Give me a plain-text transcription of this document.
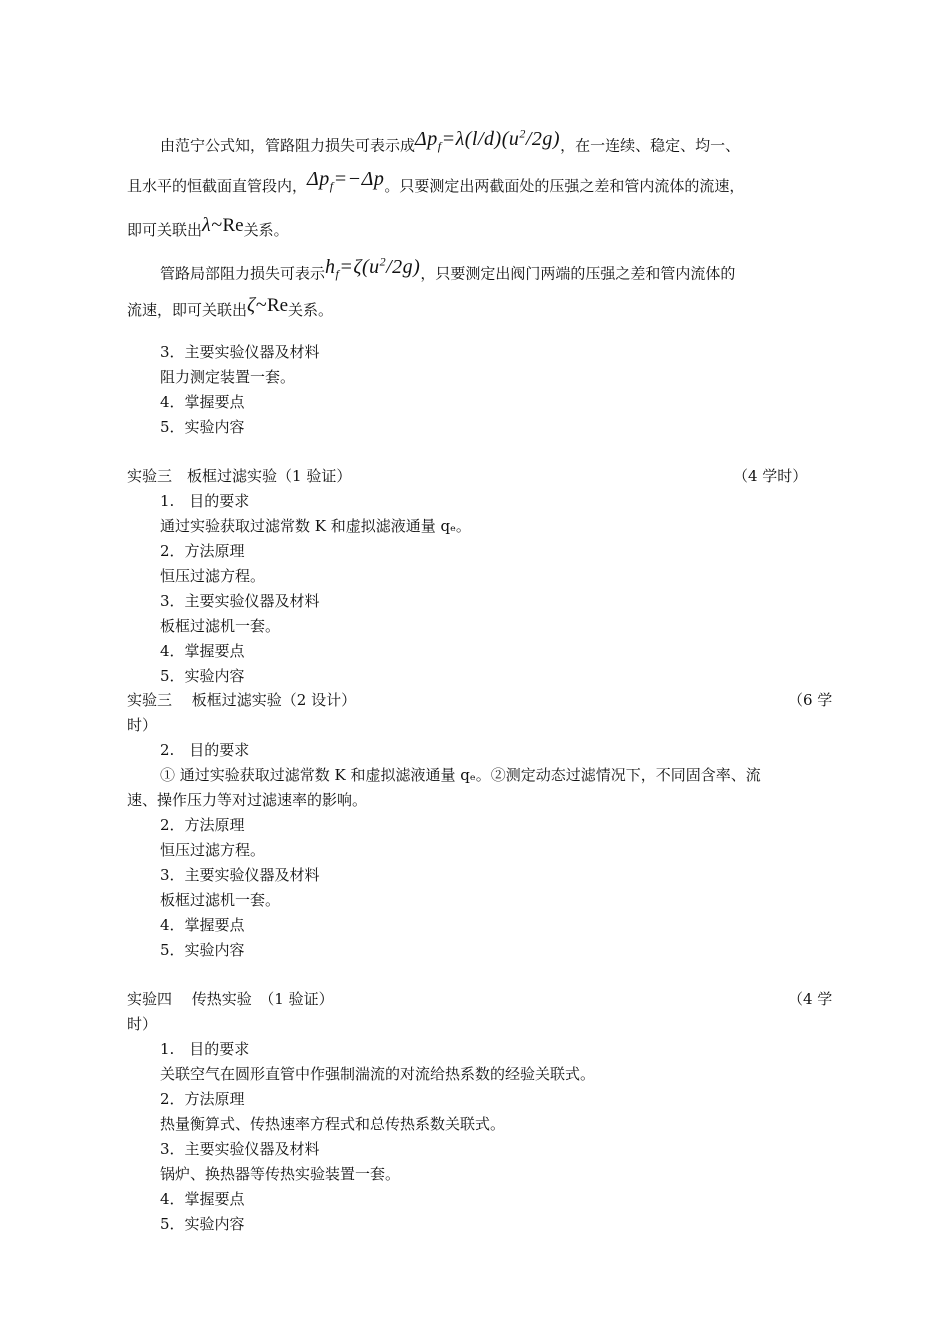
由范宁公式知，管路阻力损失可表示成$\Delta p_f=\lambda(l/d)(u^2/2g)$，在一连续、稳定、均一、
且水平的恒截面直管段内，$\Delta p_f=-\Delta p$。只要测定出两截面处的压强之差和管内流体的流速，
即可关联出λ~Re关系。
管路局部阻力损失可表示$h_f=\zeta(u^2/2g)$，只要测定出阀门两端的压强之差和管内流体的
流速，即可关联出ζ~Re关系。
3．主要实验仪器及材料
阻力测定装置一套。
4．掌握要点
5．实验内容
实验三　板框过滤实验（1 验证）	（4 学时）
1.　目的要求
通过实验获取过滤常数 K 和虚拟滤液通量 qₑ。
2．方法原理
恒压过滤方程。
3．主要实验仪器及材料
板框过滤机一套。
4．掌握要点
5．实验内容
实验三　 板框过滤实验（2 设计）	（6 学
时）
2.　目的要求
① 通过实验获取过滤常数 K 和虚拟滤液通量 qₑ。②测定动态过滤情况下，不同固含率、流
速、操作压力等对过滤速率的影响。
2．方法原理
恒压过滤方程。
3．主要实验仪器及材料
板框过滤机一套。
4．掌握要点
5．实验内容
实验四　 传热实验　（1 验证）	（4 学
时）
1.　目的要求
关联空气在圆形直管中作强制湍流的对流给热系数的经验关联式。
2．方法原理
热量衡算式、传热速率方程式和总传热系数关联式。
3．主要实验仪器及材料
锅炉、换热器等传热实验装置一套。
4．掌握要点
5．实验内容
